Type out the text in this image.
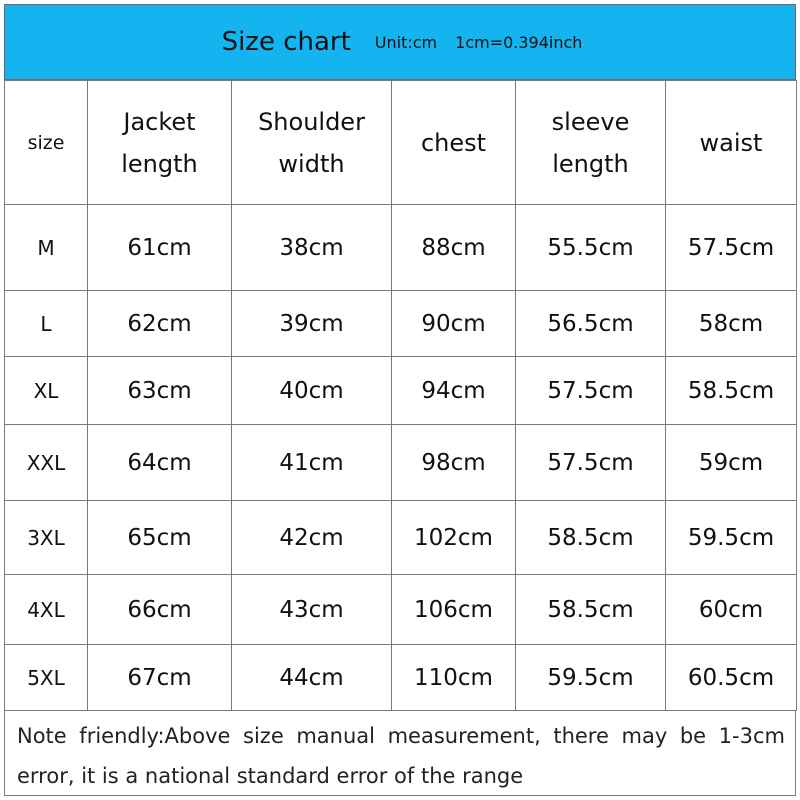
Size chart Unit:cm 1cm=0.394inch
size	Jacket length	Shoulder width	chest	sleeve length	waist
M	61cm	38cm	88cm	55.5cm	57.5cm
L	62cm	39cm	90cm	56.5cm	58cm
XL	63cm	40cm	94cm	57.5cm	58.5cm
XXL	64cm	41cm	98cm	57.5cm	59cm
3XL	65cm	42cm	102cm	58.5cm	59.5cm
4XL	66cm	43cm	106cm	58.5cm	60cm
5XL	67cm	44cm	110cm	59.5cm	60.5cm
Note friendly:Above size manual measurement, there may be 1-3cm error, it is a national standard error of the range
